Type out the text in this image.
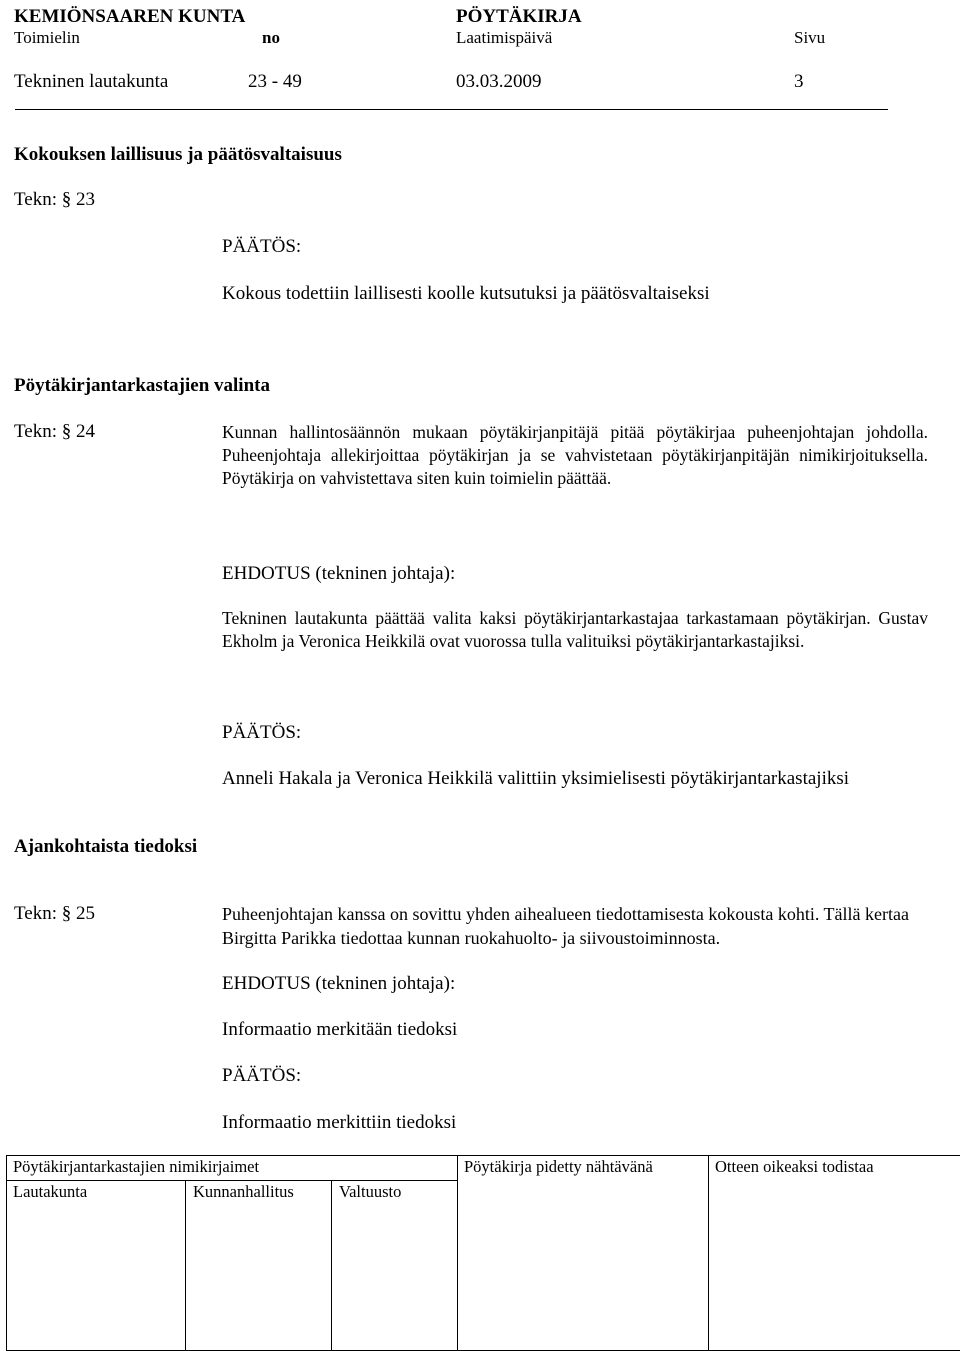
KEMIÖNSAAREN KUNTA	PÖYTÄKIRJA
Toimielin	no	Laatimispäivä	Sivu
Tekninen lautakunta	23 - 49	03.03.2009	3
Kokouksen laillisuus ja päätösvaltaisuus
Tekn: § 23
PÄÄTÖS:
Kokous todettiin laillisesti koolle kutsutuksi ja päätösvaltaiseksi
Pöytäkirjantarkastajien valinta
Tekn: § 24	Kunnan hallintosäännön mukaan pöytäkirjanpitäjä pitää pöytäkirjaa puheenjohtajan johdolla. Puheenjohtaja allekirjoittaa pöytäkirjan ja se vahvistetaan pöytäkirjanpitäjän nimikirjoituksella. Pöytäkirja on vahvistettava siten kuin toimielin päättää.

EHDOTUS (tekninen johtaja):

Tekninen lautakunta päättää valita kaksi pöytäkirjantarkastajaa tarkastamaan pöytäkirjan. Gustav Ekholm ja Veronica Heikkilä ovat vuorossa tulla valituiksi pöytäkirjantarkastajiksi.

PÄÄTÖS:
Anneli Hakala ja Veronica Heikkilä valittiin yksimielisesti pöytäkirjantarkastajiksi
Ajankohtaista tiedoksi
Tekn: § 25	Puheenjohtajan kanssa on sovittu yhden aihealueen tiedottamisesta kokousta kohti. Tällä kertaa Birgitta Parikka tiedottaa kunnan ruokahuolto- ja siivoustoiminnosta.

EHDOTUS (tekninen johtaja):
Informaatio merkitään tiedoksi
PÄÄTÖS:
Informaatio merkittiin tiedoksi
Pöytäkirjantarkastajien nimikirjaimet	Pöytäkirja pidetty nähtävänä	Otteen oikeaksi todistaa

Lautakunta	Kunnanhallitus	Valtuusto
